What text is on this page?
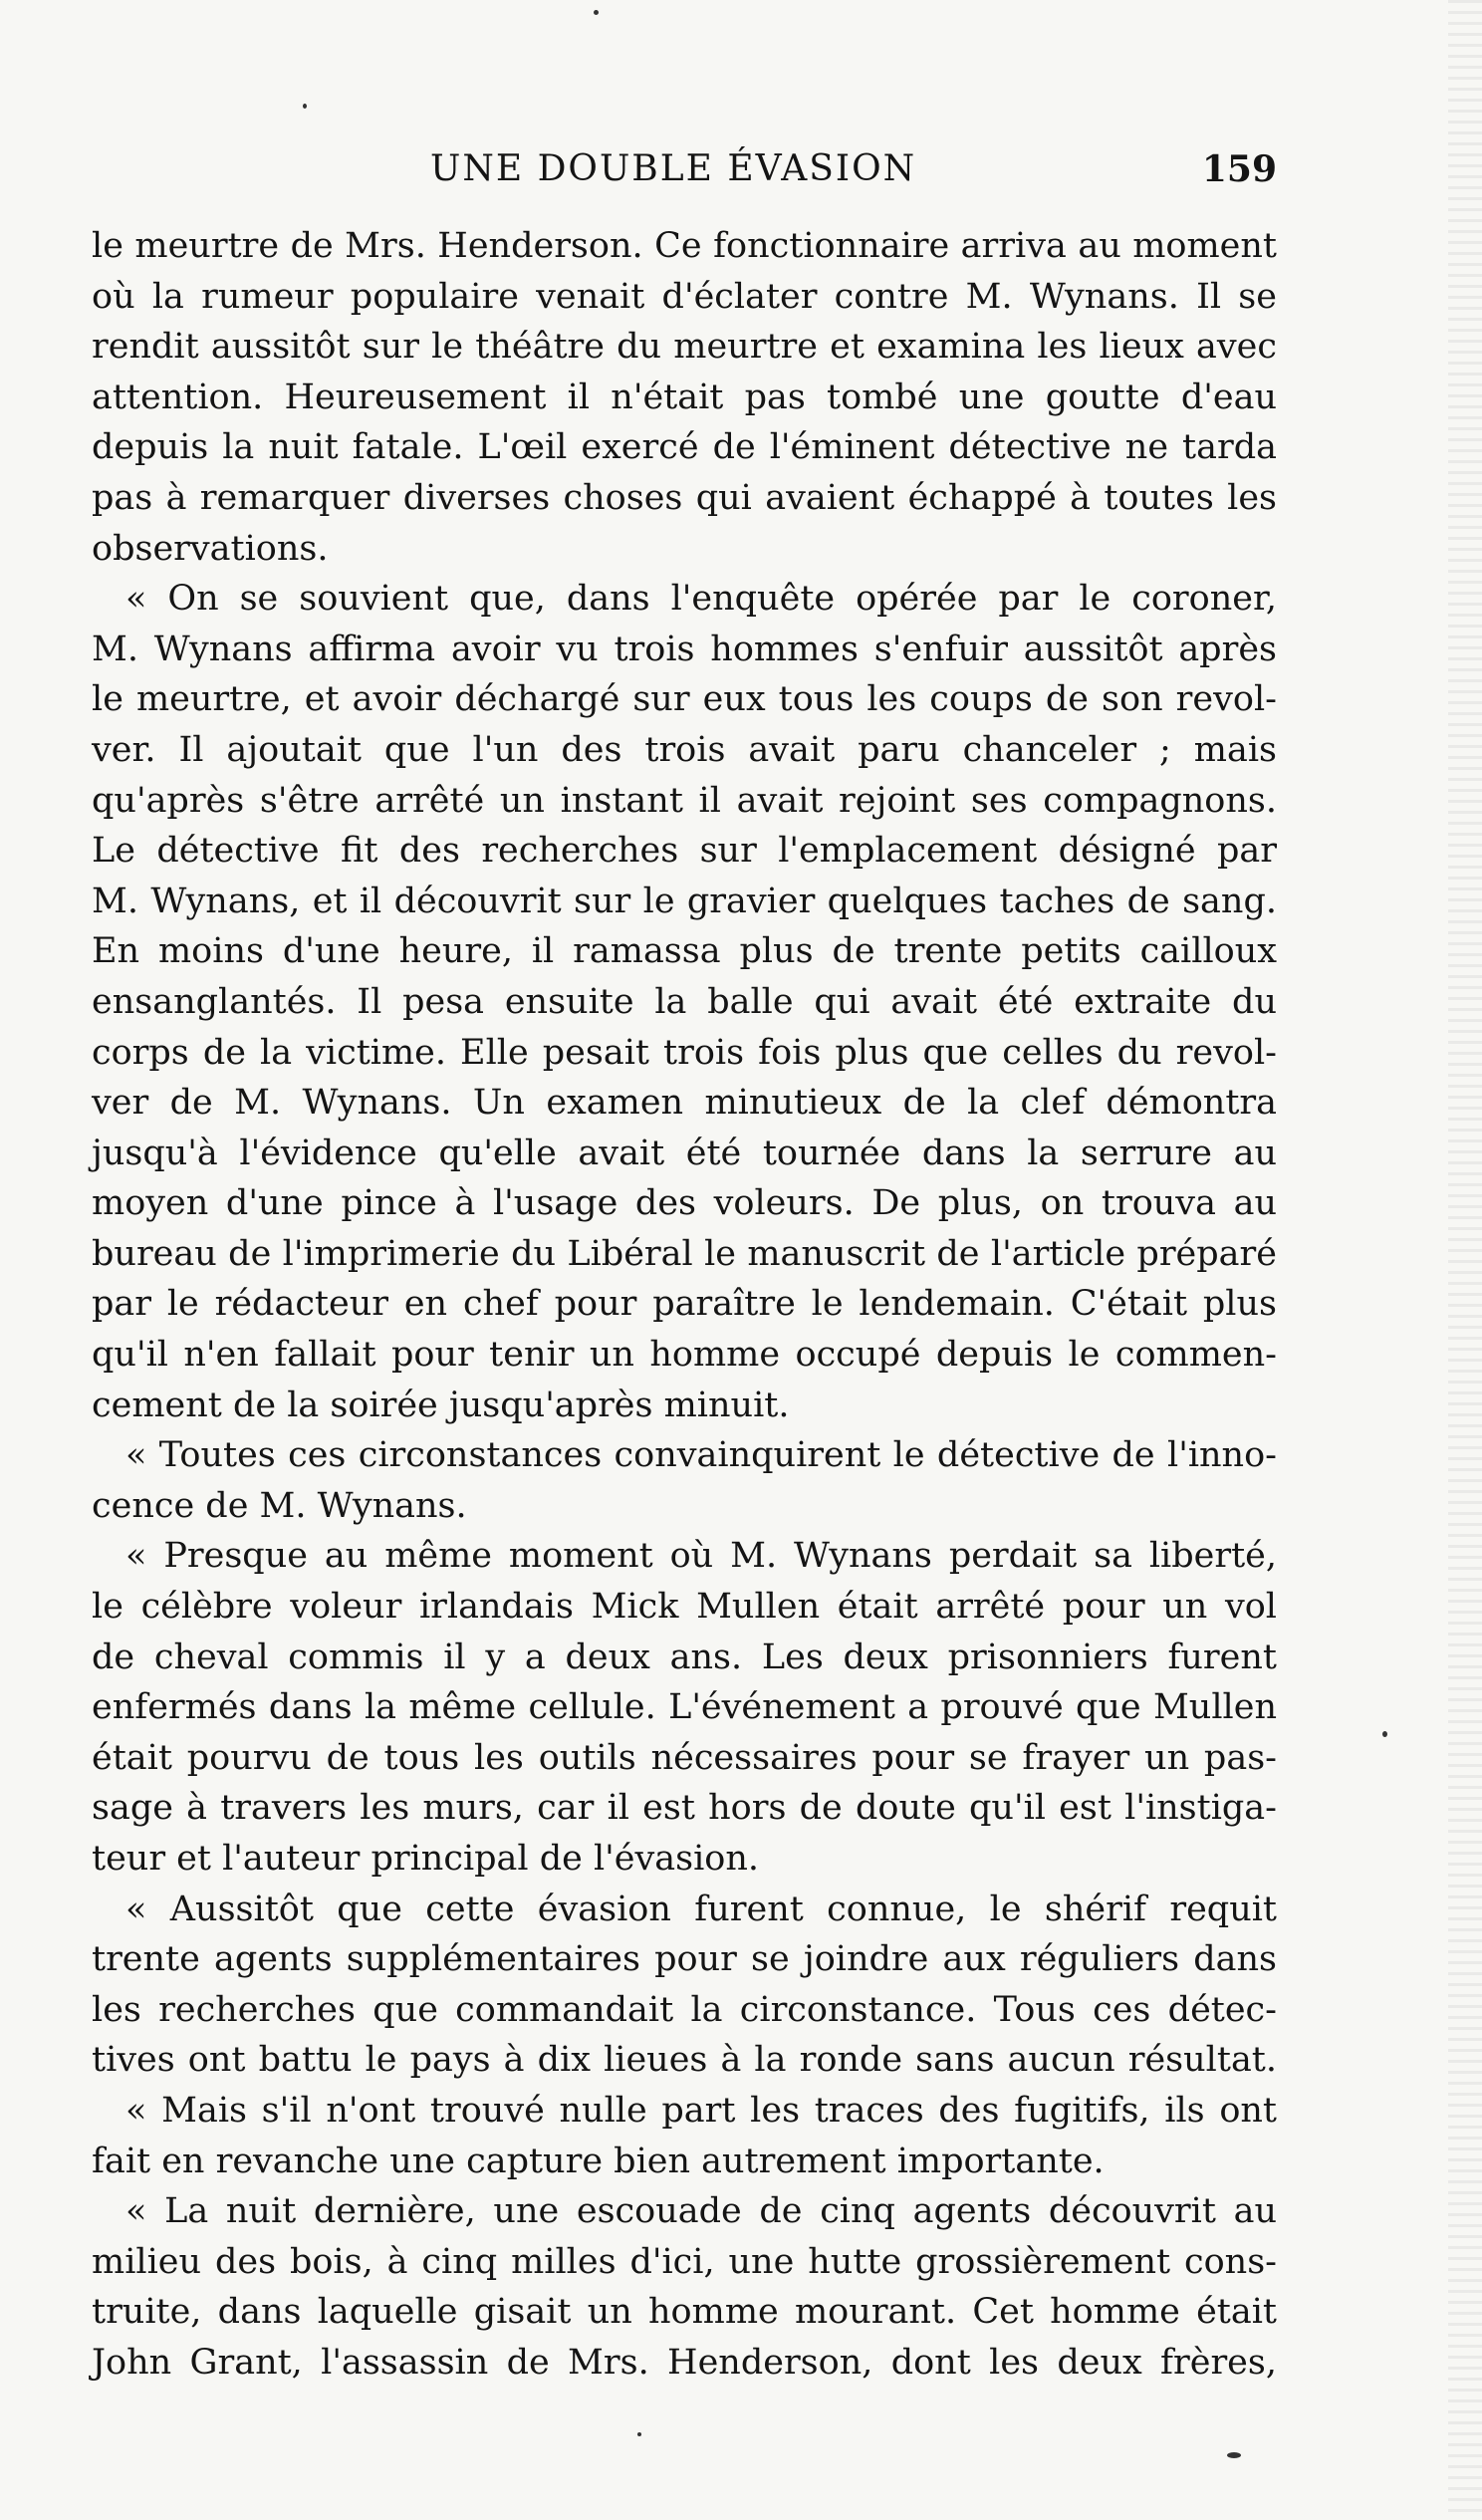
UNE DOUBLE ÉVASION	159
le meurtre de Mrs. Henderson. Ce fonctionnaire arriva au moment
où la rumeur populaire venait d'éclater contre M. Wynans. Il se
rendit aussitôt sur le théâtre du meurtre et examina les lieux avec
attention. Heureusement il n'était pas tombé une goutte d'eau
depuis la nuit fatale. L'œil exercé de l'éminent détective ne tarda
pas à remarquer diverses choses qui avaient échappé à toutes les
observations.
« On se souvient que, dans l'enquête opérée par le coroner,
M. Wynans affirma avoir vu trois hommes s'enfuir aussitôt après
le meurtre, et avoir déchargé sur eux tous les coups de son revol-
ver. Il ajoutait que l'un des trois avait paru chanceler ; mais
qu'après s'être arrêté un instant il avait rejoint ses compagnons.
Le détective fit des recherches sur l'emplacement désigné par
M. Wynans, et il découvrit sur le gravier quelques taches de sang.
En moins d'une heure, il ramassa plus de trente petits cailloux
ensanglantés. Il pesa ensuite la balle qui avait été extraite du
corps de la victime. Elle pesait trois fois plus que celles du revol-
ver de M. Wynans. Un examen minutieux de la clef démontra
jusqu'à l'évidence qu'elle avait été tournée dans la serrure au
moyen d'une pince à l'usage des voleurs. De plus, on trouva au
bureau de l'imprimerie du Libéral le manuscrit de l'article préparé
par le rédacteur en chef pour paraître le lendemain. C'était plus
qu'il n'en fallait pour tenir un homme occupé depuis le commen-
cement de la soirée jusqu'après minuit.
« Toutes ces circonstances convainquirent le détective de l'inno-
cence de M. Wynans.
« Presque au même moment où M. Wynans perdait sa liberté,
le célèbre voleur irlandais Mick Mullen était arrêté pour un vol
de cheval commis il y a deux ans. Les deux prisonniers furent
enfermés dans la même cellule. L'événement a prouvé que Mullen
était pourvu de tous les outils nécessaires pour se frayer un pas-
sage à travers les murs, car il est hors de doute qu'il est l'instiga-
teur et l'auteur principal de l'évasion.
« Aussitôt que cette évasion furent connue, le shérif requit
trente agents supplémentaires pour se joindre aux réguliers dans
les recherches que commandait la circonstance. Tous ces détec-
tives ont battu le pays à dix lieues à la ronde sans aucun résultat.
« Mais s'il n'ont trouvé nulle part les traces des fugitifs, ils ont
fait en revanche une capture bien autrement importante.
« La nuit dernière, une escouade de cinq agents découvrit au
milieu des bois, à cinq milles d'ici, une hutte grossièrement cons-
truite, dans laquelle gisait un homme mourant. Cet homme était
John Grant, l'assassin de Mrs. Henderson, dont les deux frères,
